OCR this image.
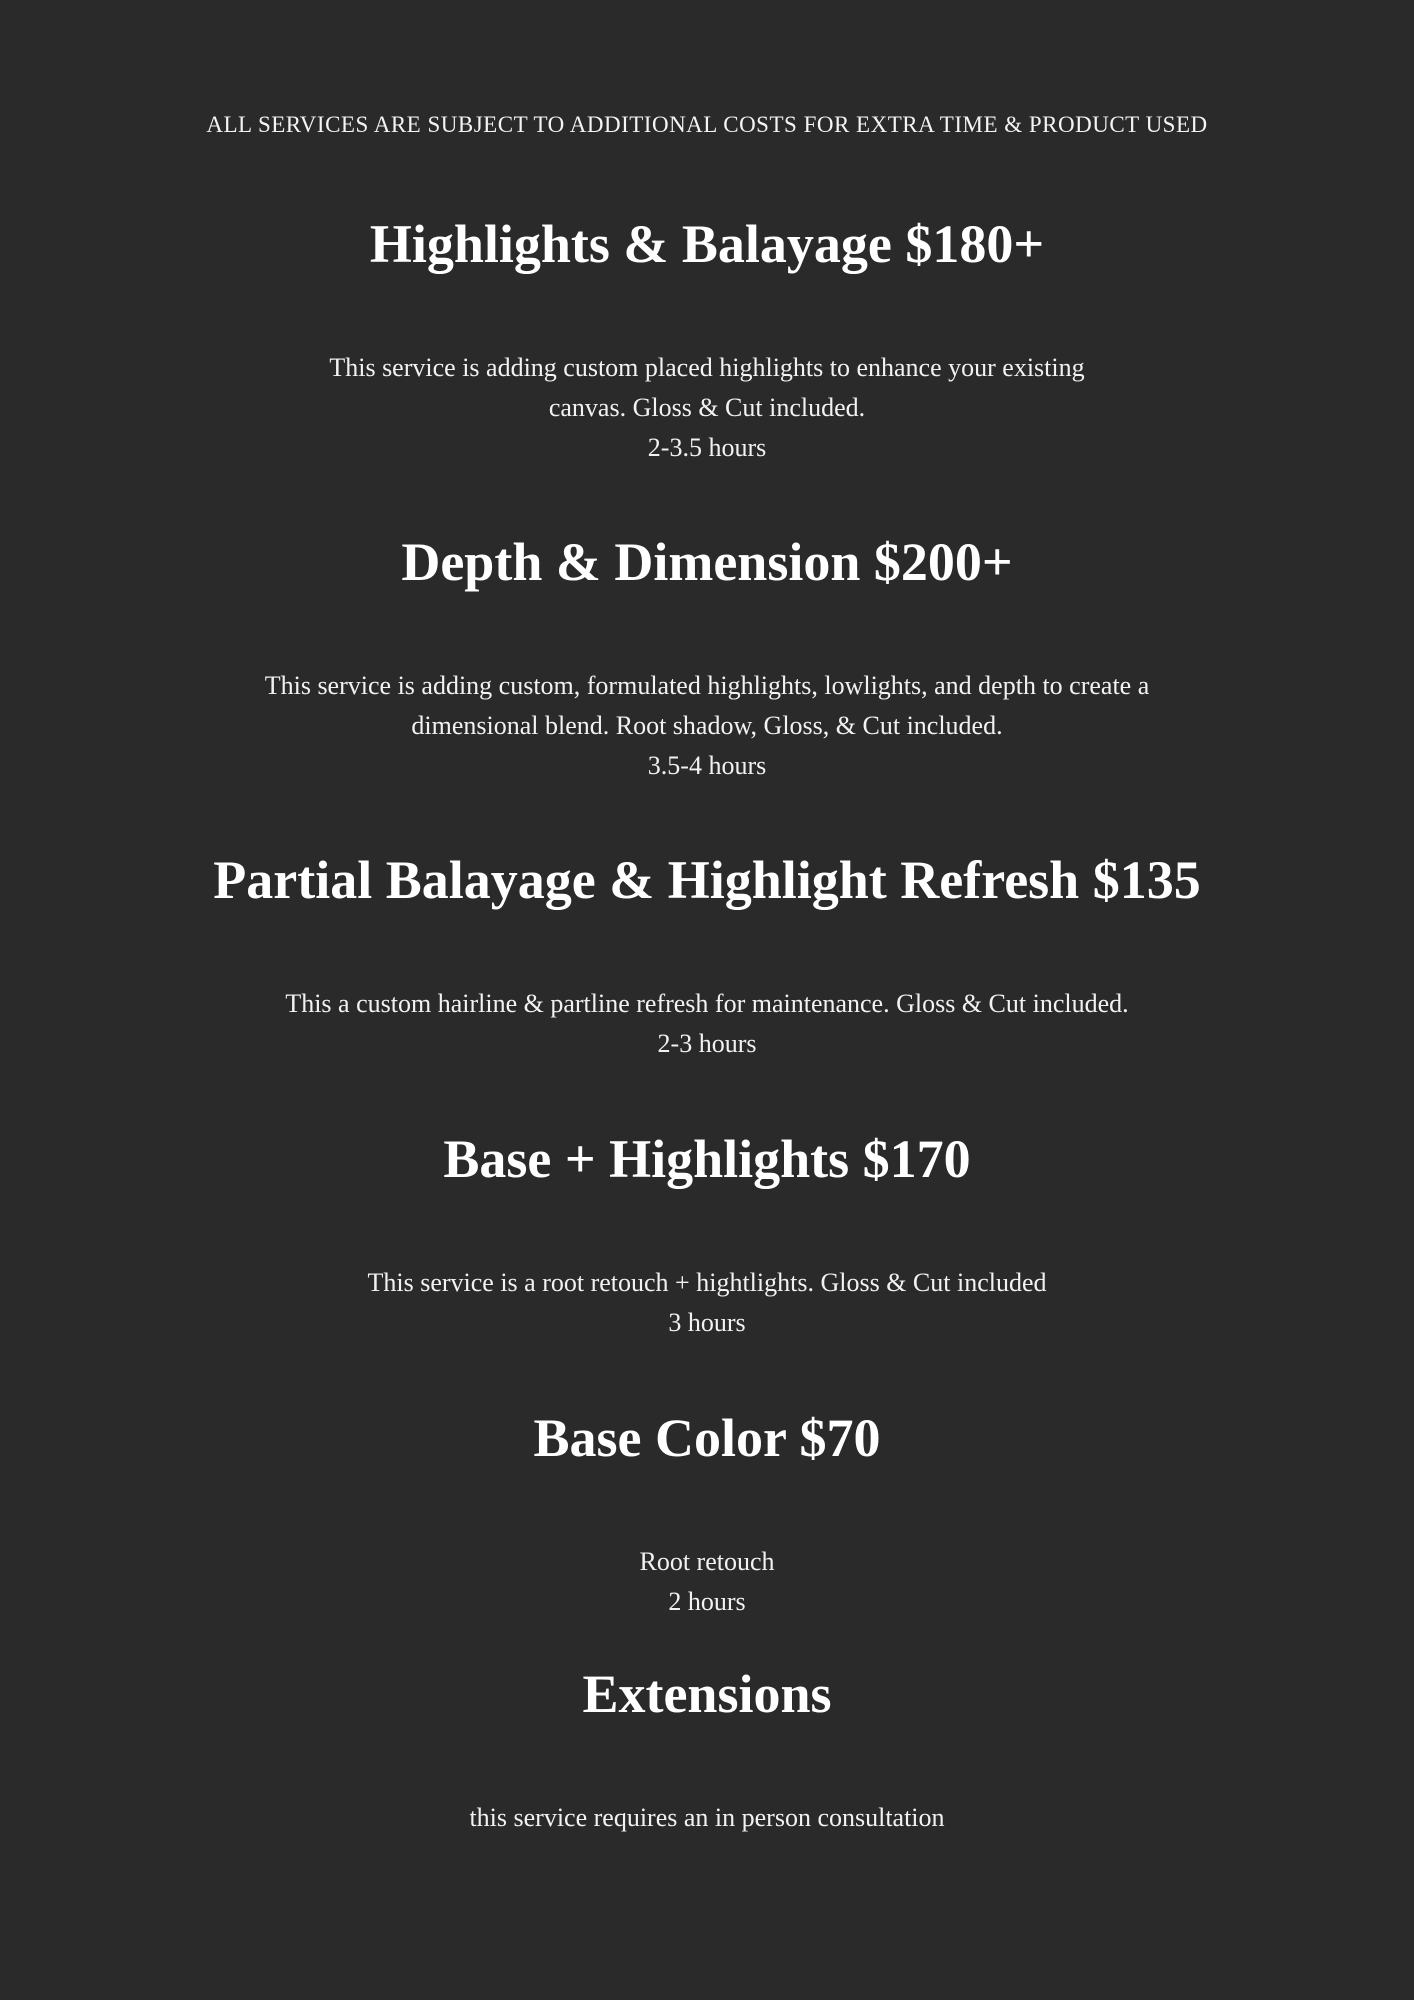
ALL SERVICES ARE SUBJECT TO ADDITIONAL COSTS FOR EXTRA TIME & PRODUCT USED
Highlights & Balayage $180+
This service is adding custom placed highlights to enhance your existing
canvas. Gloss & Cut included.
2-3.5 hours
Depth & Dimension $200+
This service is adding custom, formulated highlights, lowlights, and depth to create a
dimensional blend. Root shadow, Gloss, & Cut included.
3.5-4 hours
Partial Balayage & Highlight Refresh $135
This a custom hairline & partline refresh for maintenance. Gloss & Cut included.
2-3 hours
Base + Highlights $170
This service is a root retouch + hightlights. Gloss & Cut included
3 hours
Base Color $70
Root retouch
2 hours
Extensions
this service requires an in person consultation
